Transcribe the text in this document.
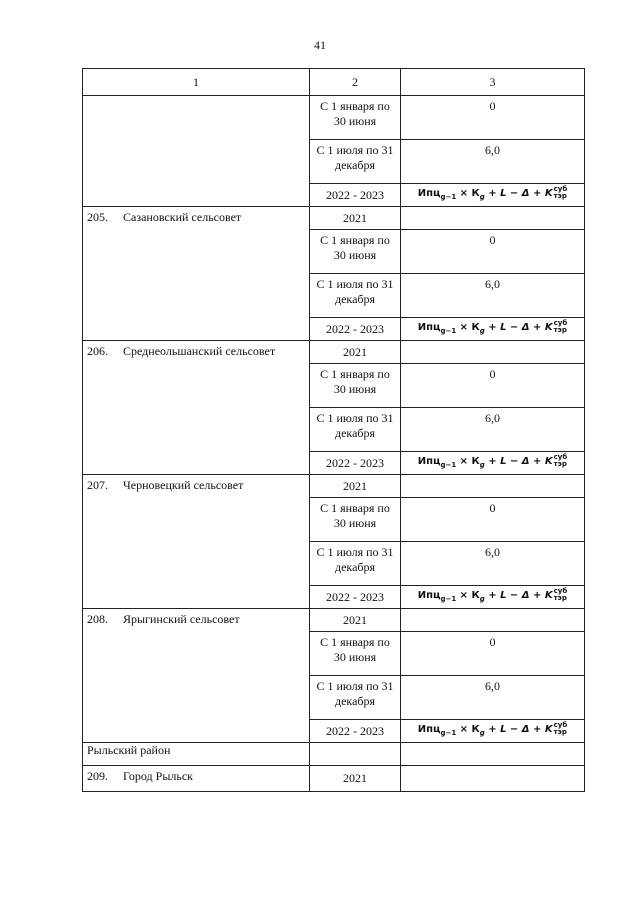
41
1	2	3
	С 1 января по 30 июня	0
	С 1 июля по 31 декабря	6,0
	2022 - 2023	$Ипц_{g-1} \times К_g + L - \Delta + K$ суб
тэр

205. Сазановский сельсовет	2021	
	С 1 января по 30 июня	0
	С 1 июля по 31 декабря	6,0
	2022 - 2023	$Ипц_{g-1} \times К_g + L - \Delta + K$ суб
тэр

206. Среднеольшанский сельсовет	2021	
	С 1 января по 30 июня	0
	С 1 июля по 31 декабря	6,0
	2022 - 2023	$Ипц_{g-1} \times К_g + L - \Delta + K$ суб
тэр

207. Черновецкий сельсовет	2021	
	С 1 января по 30 июня	0
	С 1 июля по 31 декабря	6,0
	2022 - 2023	$Ипц_{g-1} \times К_g + L - \Delta + K$ суб
тэр

208. Ярыгинский сельсовет	2021	
	С 1 января по 30 июня	0
	С 1 июля по 31 декабря	6,0
	2022 - 2023	$Ипц_{g-1} \times К_g + L - \Delta + K$ суб
тэр

Рыльский район		
209. Город Рыльск	2021	
